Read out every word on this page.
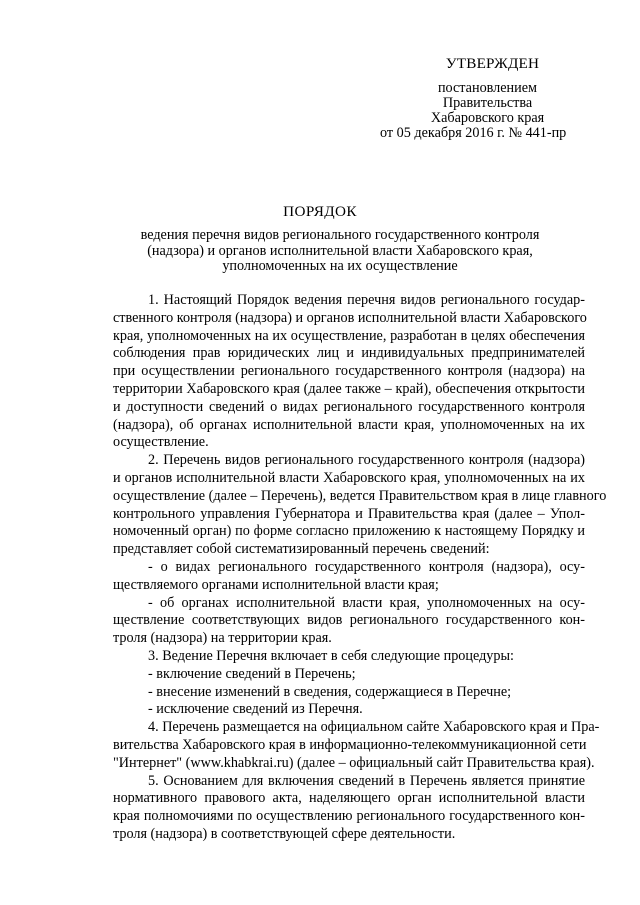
УТВЕРЖДЕН
постановлением
Правительства
Хабаровского края
от 05 декабря 2016 г. № 441-пр
ПОРЯДОК
ведения перечня видов регионального государственного контроля
(надзора) и органов исполнительной власти Хабаровского края,
уполномоченных на их осуществление
1. Настоящий Порядок ведения перечня видов регионального государ-
ственного контроля (надзора) и органов исполнительной власти Хабаровского
края, уполномоченных на их осуществление, разработан в целях обеспечения
соблюдения прав юридических лиц и индивидуальных предпринимателей
при осуществлении регионального государственного контроля (надзора) на
территории Хабаровского края (далее также – край), обеспечения открытости
и доступности сведений о видах регионального государственного контроля
(надзора), об органах исполнительной власти края, уполномоченных на их
осуществление.
2. Перечень видов регионального государственного контроля (надзора)
и органов исполнительной власти Хабаровского края, уполномоченных на их
осуществление (далее – Перечень), ведется Правительством края в лице главного
контрольного управления Губернатора и Правительства края (далее – Упол-
номоченный орган) по форме согласно приложению к настоящему Порядку и
представляет собой систематизированный перечень сведений:
- о видах регионального государственного контроля (надзора), осу-
ществляемого органами исполнительной власти края;
- об органах исполнительной власти края, уполномоченных на осу-
ществление соответствующих видов регионального государственного кон-
троля (надзора) на территории края.
3. Ведение Перечня включает в себя следующие процедуры:
- включение сведений в Перечень;
- внесение изменений в сведения, содержащиеся в Перечне;
- исключение сведений из Перечня.
4. Перечень размещается на официальном сайте Хабаровского края и Пра-
вительства Хабаровского края в информационно-телекоммуникационной сети
"Интернет" (www.khabkrai.ru) (далее – официальный сайт Правительства края).
5. Основанием для включения сведений в Перечень является принятие
нормативного правового акта, наделяющего орган исполнительной власти
края полномочиями по осуществлению регионального государственного кон-
троля (надзора) в соответствующей сфере деятельности.
